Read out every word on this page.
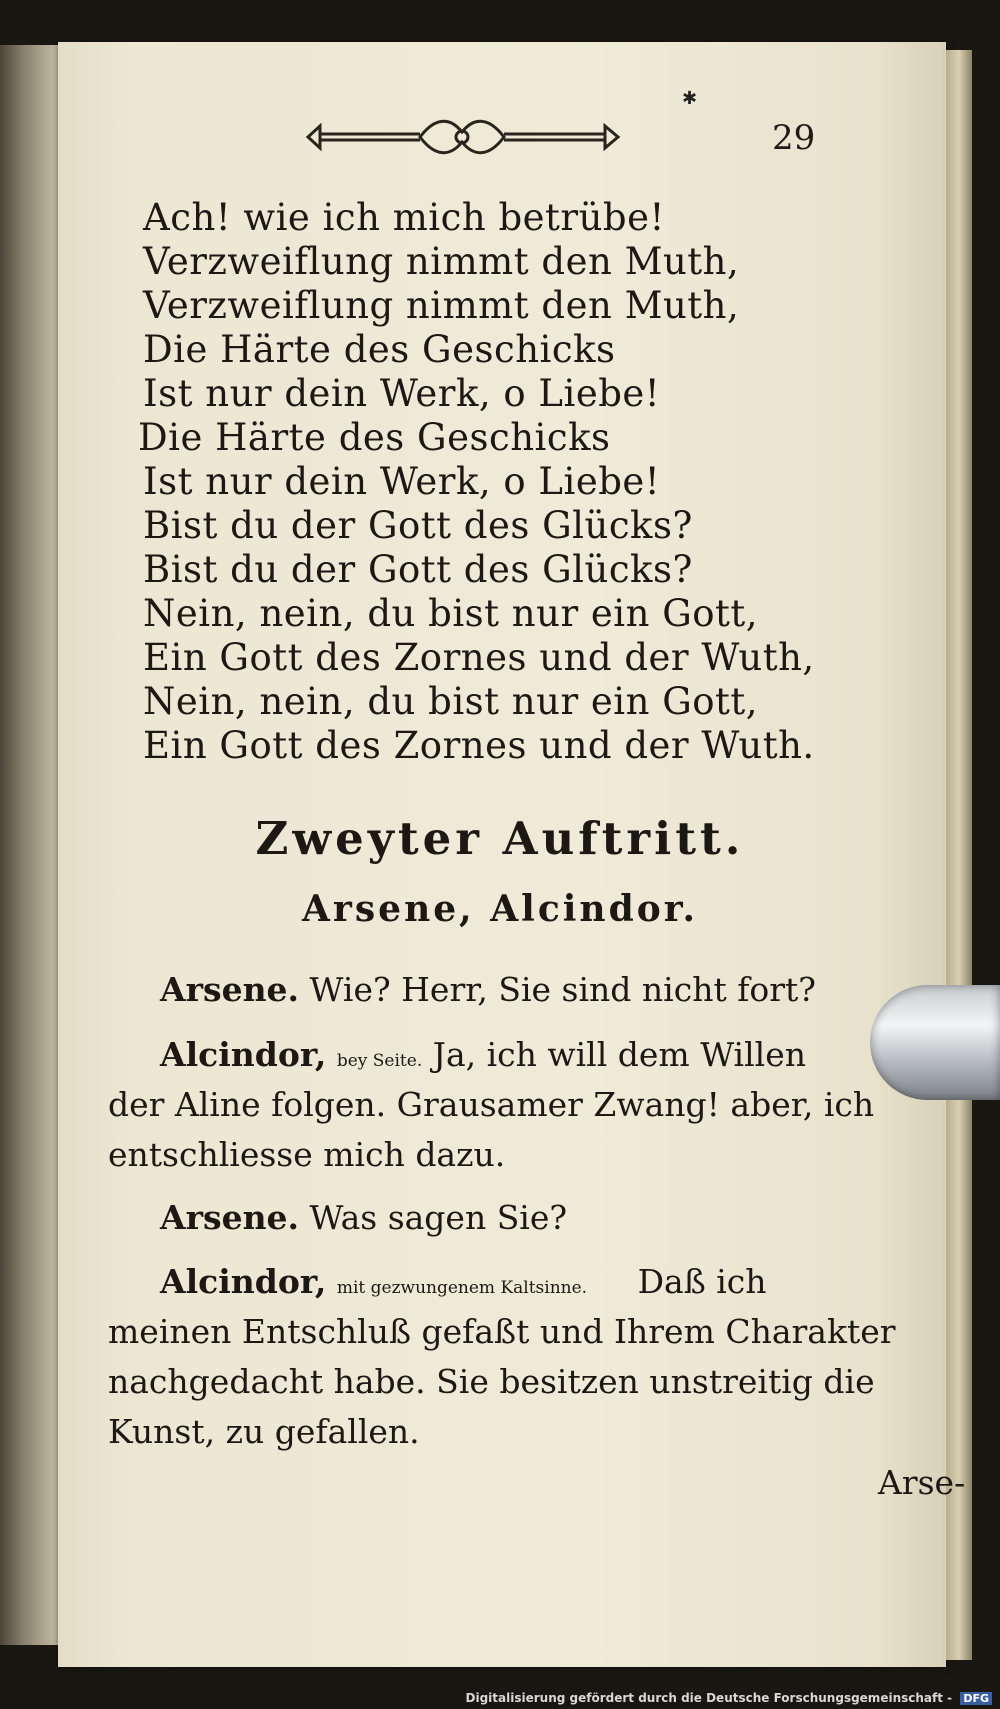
✱
29
Ach! wie ich mich betrübe!
Verzweiflung nimmt den Muth,
Verzweiflung nimmt den Muth,
Die Härte des Geschicks
Ist nur dein Werk, o Liebe!
Die Härte des Geschicks
Ist nur dein Werk, o Liebe!
Bist du der Gott des Glücks?
Bist du der Gott des Glücks?
Nein, nein, du bist nur ein Gott,
Ein Gott des Zornes und der Wuth,
Nein, nein, du bist nur ein Gott,
Ein Gott des Zornes und der Wuth.
Zweyter Auftritt.
Arsene, Alcindor.
Arsene. Wie? Herr, Sie sind nicht fort?
Alcindor, bey Seite. Ja, ich will dem Willen
der Aline folgen. Grausamer Zwang! aber, ich
entschliesse mich dazu.
Arsene. Was sagen Sie?
Alcindor, mit gezwungenem Kaltsinne. Daß ich
meinen Entschluß gefaßt und Ihrem Charakter
nachgedacht habe. Sie besitzen unstreitig die
Kunst, zu gefallen.
Arse-
Digitalisierung gefördert durch die Deutsche Forschungsgemeinschaft - DFG
